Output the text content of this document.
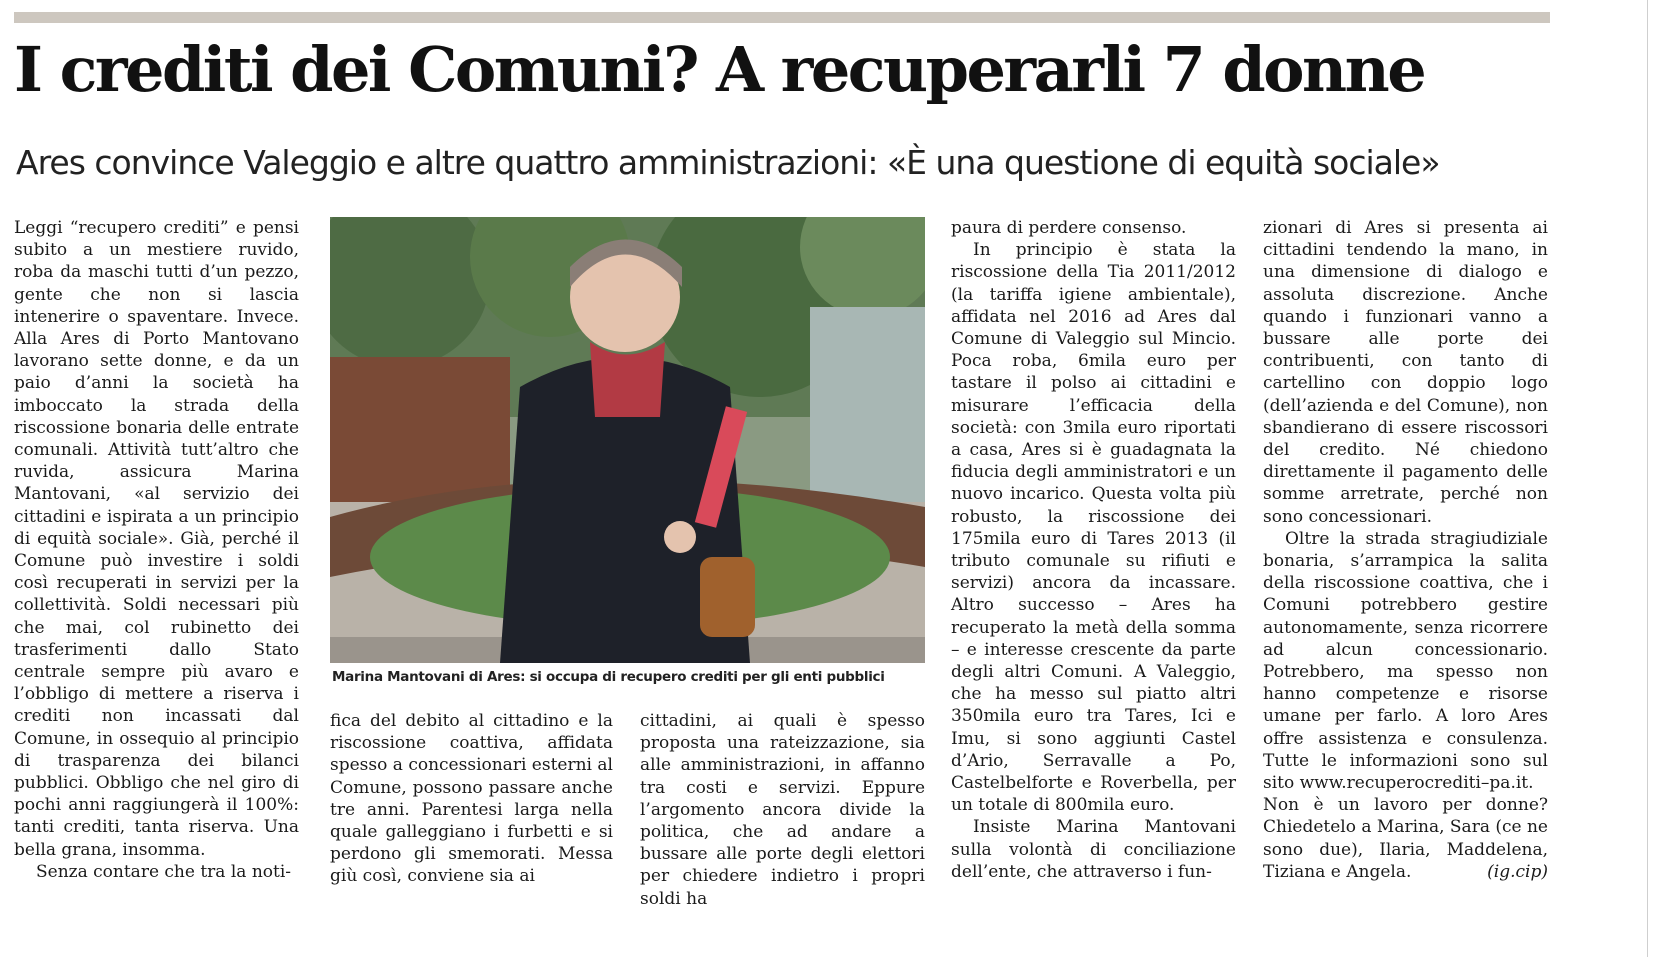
I crediti dei Comuni? A recuperarli 7 donne
Ares convince Valeggio e altre quattro amministrazioni: «È una questione di equità sociale»

Leggi “recupero crediti” e pensi subito a un mestiere ruvido, roba da maschi tutti d’un pezzo, gente che non si lascia intenerire o spaventare. Invece. Alla Ares di Porto Mantovano lavorano sette donne, e da un paio d’anni la società ha imboccato la strada della riscossione bonaria delle entrate comunali. Attività tutt’altro che ruvida, assicura Marina Mantovani, «al servizio dei cittadini e ispirata a un principio di equità sociale». Già, perché il Comune può investire i soldi così recuperati in servizi per la collettività. Soldi necessari più che mai, col rubinetto dei trasferimenti dallo Stato centrale sempre più avaro e l’obbligo di mettere a riserva i crediti non incassati dal Comune, in ossequio al principio di trasparenza dei bilanci pubblici. Obbligo che nel giro di pochi anni raggiungerà il 100%: tanti crediti, tanta riserva. Una bella grana, insomma.

Senza contare che tra la noti-

Marina Mantovani di Ares: si occupa di recupero crediti per gli enti pubblici

fica del debito al cittadino e la riscossione coattiva, affidata spesso a concessionari esterni al Comune, possono passare anche tre anni. Parentesi larga nella quale galleggiano i furbetti e si perdono gli smemorati. Messa giù così, conviene sia ai

cittadini, ai quali è spesso proposta una rateizzazione, sia alle amministrazioni, in affanno tra costi e servizi. Eppure l’argomento ancora divide la politica, che ad andare a bussare alle porte degli elettori per chiedere indietro i propri soldi ha

paura di perdere consenso.

In principio è stata la riscossione della Tia 2011/2012 (la tariffa igiene ambientale), affidata nel 2016 ad Ares dal Comune di Valeggio sul Mincio. Poca roba, 6mila euro per tastare il polso ai cittadini e misurare l’efficacia della società: con 3mila euro riportati a casa, Ares si è guadagnata la fiducia degli amministratori e un nuovo incarico. Questa volta più robusto, la riscossione dei 175mila euro di Tares 2013 (il tributo comunale su rifiuti e servizi) ancora da incassare. Altro successo – Ares ha recuperato la metà della somma – e interesse crescente da parte degli altri Comuni. A Valeggio, che ha messo sul piatto altri 350mila euro tra Tares, Ici e Imu, si sono aggiunti Castel d’Ario, Serravalle a Po, Castelbelforte e Roverbella, per un totale di 800mila euro.

Insiste Marina Mantovani sulla volontà di conciliazione dell’ente, che attraverso i fun-

zionari di Ares si presenta ai cittadini tendendo la mano, in una dimensione di dialogo e assoluta discrezione. Anche quando i funzionari vanno a bussare alle porte dei contribuenti, con tanto di cartellino con doppio logo (dell’azienda e del Comune), non sbandierano di essere riscossori del credito. Né chiedono direttamente il pagamento delle somme arretrate, perché non sono concessionari.

Oltre la strada stragiudiziale bonaria, s’arrampica la salita della riscossione coattiva, che i Comuni potrebbero gestire autonomamente, senza ricorrere ad alcun concessionario. Potrebbero, ma spesso non hanno competenze e risorse umane per farlo. A loro Ares offre assistenza e consulenza. Tutte le informazioni sono sul sito www.recuperocrediti–pa.it.

Non è un lavoro per donne? Chiedetelo a Marina, Sara (ce ne sono due), Ilaria, Maddelena, Tiziana e Angela.	(ig.cip)
